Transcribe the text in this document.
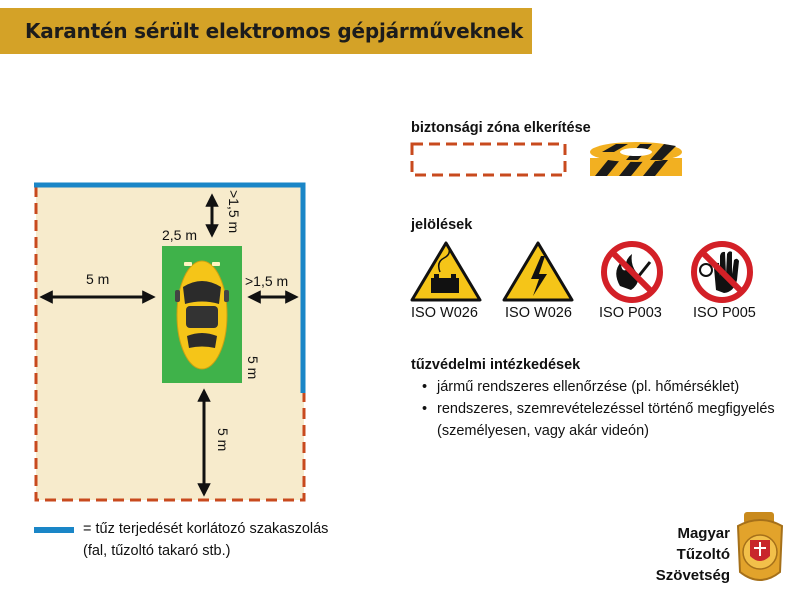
Karantén sérült elektromos gépjárműveknek
>1,5 m
2,5 m
5 m	>1,5 m
5 m
5 m
= tűz terjedését korlátozó szakaszolás
(fal, tűzoltó takaró stb.)
biztonsági zóna elkerítése
jelölések
ISO W026 ISO W026 ISO P003 ISO P005
tűzvédelmi intézkedések
• jármű rendszeres ellenőrzése (pl. hőmérséklet)
• rendszeres, szemrevételezéssel történő megfigyelés (személyesen, vagy akár videón)
Magyar
Tűzoltó
Szövetség
